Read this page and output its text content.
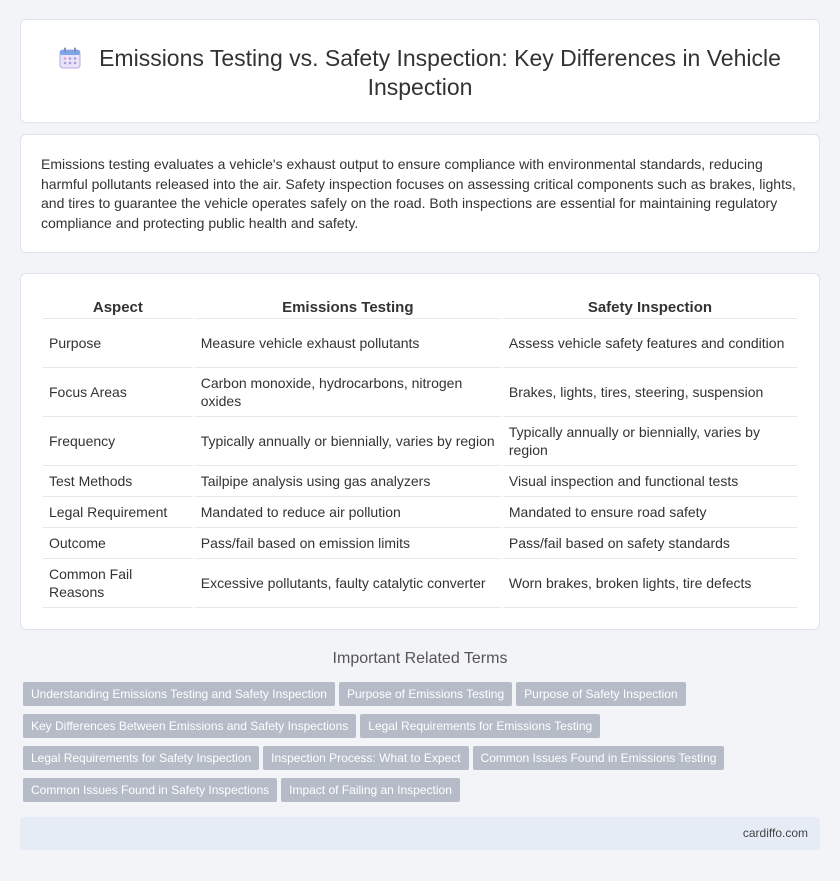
Emissions Testing vs. Safety Inspection: Key Differences in Vehicle Inspection

Emissions testing evaluates a vehicle's exhaust output to ensure compliance with environmental standards, reducing harmful pollutants released into the air. Safety inspection focuses on assessing critical components such as brakes, lights, and tires to guarantee the vehicle operates safely on the road. Both inspections are essential for maintaining regulatory compliance and protecting public health and safety.

Aspect	Emissions Testing	Safety Inspection
Purpose	Measure vehicle exhaust pollutants	Assess vehicle safety features and condition
Focus Areas	Carbon monoxide, hydrocarbons, nitrogen oxides	Brakes, lights, tires, steering, suspension
Frequency	Typically annually or biennially, varies by region	Typically annually or biennially, varies by region
Test Methods	Tailpipe analysis using gas analyzers	Visual inspection and functional tests
Legal Requirement	Mandated to reduce air pollution	Mandated to ensure road safety
Outcome	Pass/fail based on emission limits	Pass/fail based on safety standards
Common Fail Reasons	Excessive pollutants, faulty catalytic converter	Worn brakes, broken lights, tire defects
Important Related Terms
Understanding Emissions Testing and Safety Inspection Purpose of Emissions Testing Purpose of Safety Inspection
Key Differences Between Emissions and Safety Inspections Legal Requirements for Emissions Testing
Legal Requirements for Safety Inspection Inspection Process: What to Expect Common Issues Found in Emissions Testing
Common Issues Found in Safety Inspections Impact of Failing an Inspection
cardiffo.com
